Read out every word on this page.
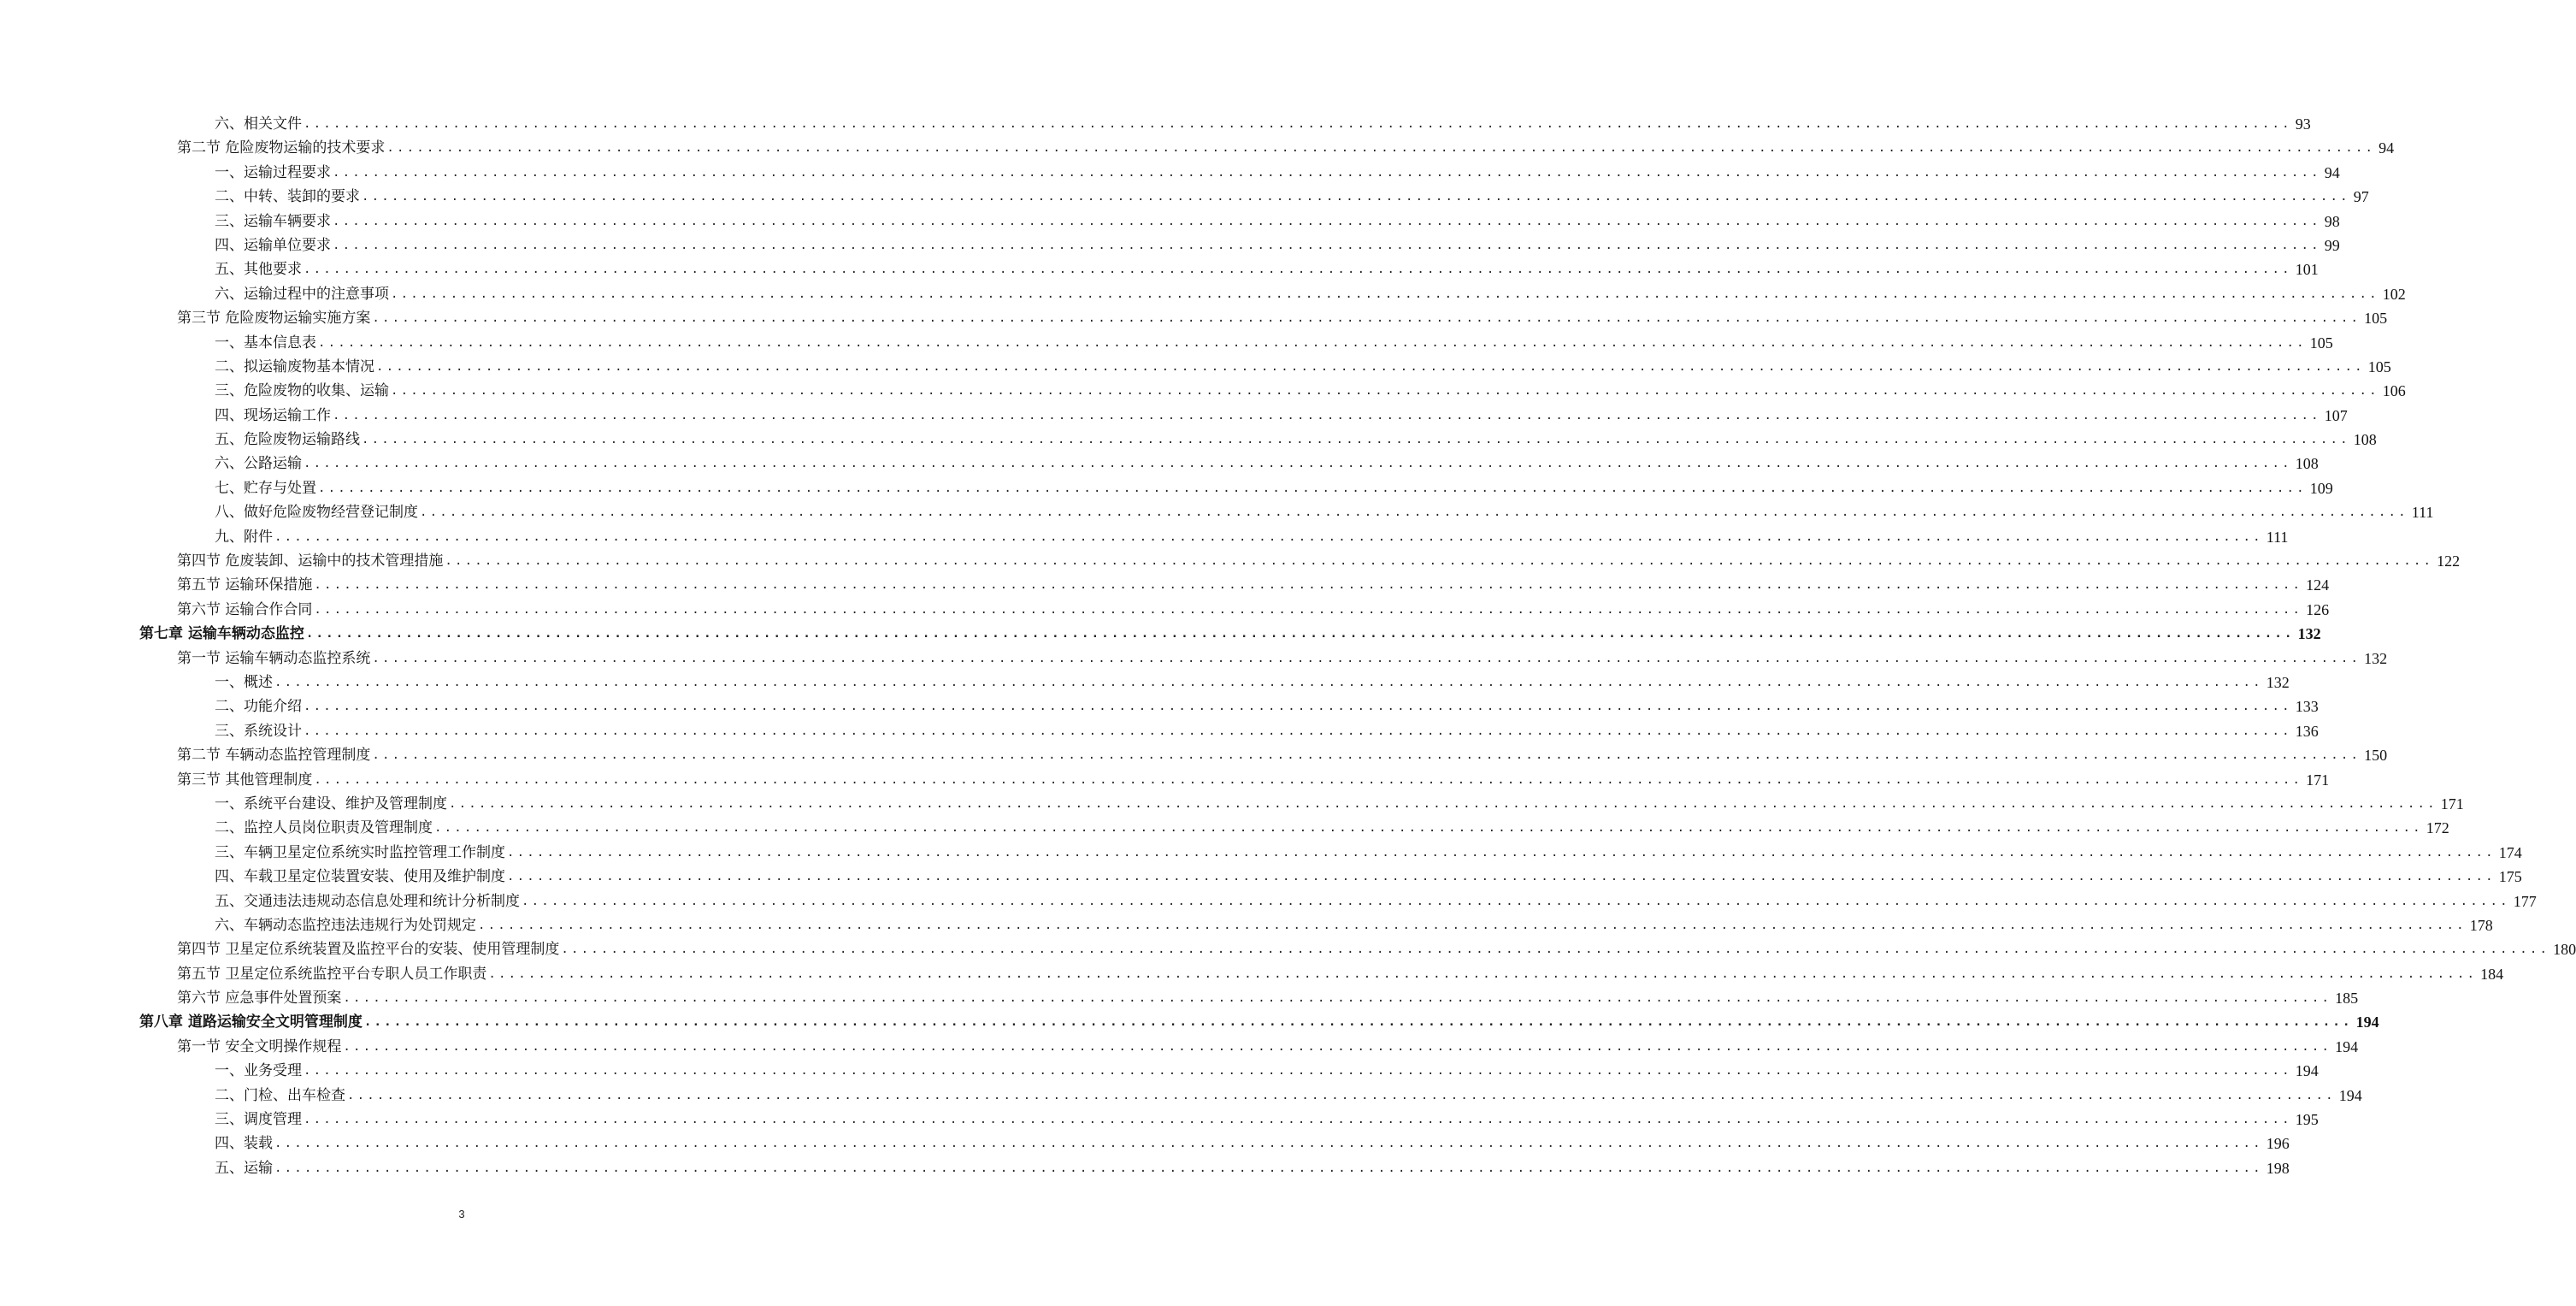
六、相关文件 ........................................................................................................................................................................................................ 93
第二节 危险废物运输的技术要求 ........................................................................................................................................................................................................ 94
一、运输过程要求 ........................................................................................................................................................................................................ 94
二、中转、装卸的要求 ........................................................................................................................................................................................................ 97
三、运输车辆要求 ........................................................................................................................................................................................................ 98
四、运输单位要求 ........................................................................................................................................................................................................ 99
五、其他要求 ........................................................................................................................................................................................................ 101
六、运输过程中的注意事项 ........................................................................................................................................................................................................ 102
第三节 危险废物运输实施方案 ........................................................................................................................................................................................................ 105
一、基本信息表 ........................................................................................................................................................................................................ 105
二、拟运输废物基本情况 ........................................................................................................................................................................................................ 105
三、危险废物的收集、运输 ........................................................................................................................................................................................................ 106
四、现场运输工作 ........................................................................................................................................................................................................ 107
五、危险废物运输路线 ........................................................................................................................................................................................................ 108
六、公路运输 ........................................................................................................................................................................................................ 108
七、贮存与处置 ........................................................................................................................................................................................................ 109
八、做好危险废物经营登记制度 ........................................................................................................................................................................................................ 111
九、附件 ........................................................................................................................................................................................................ 111
第四节 危废装卸、运输中的技术管理措施 ........................................................................................................................................................................................................ 122
第五节 运输环保措施 ........................................................................................................................................................................................................ 124
第六节 运输合作合同 ........................................................................................................................................................................................................ 126
第七章 运输车辆动态监控 ........................................................................................................................................................................................................ 132
第一节 运输车辆动态监控系统 ........................................................................................................................................................................................................ 132
一、概述 ........................................................................................................................................................................................................ 132
二、功能介绍 ........................................................................................................................................................................................................ 133
三、系统设计 ........................................................................................................................................................................................................ 136
第二节 车辆动态监控管理制度 ........................................................................................................................................................................................................ 150
第三节 其他管理制度 ........................................................................................................................................................................................................ 171
一、系统平台建设、维护及管理制度 ........................................................................................................................................................................................................ 171
二、监控人员岗位职责及管理制度 ........................................................................................................................................................................................................ 172
三、车辆卫星定位系统实时监控管理工作制度 ........................................................................................................................................................................................................ 174
四、车载卫星定位装置安装、使用及维护制度 ........................................................................................................................................................................................................ 175
五、交通违法违规动态信息处理和统计分析制度 ........................................................................................................................................................................................................ 177
六、车辆动态监控违法违规行为处罚规定 ........................................................................................................................................................................................................ 178
第四节 卫星定位系统装置及监控平台的安装、使用管理制度 ........................................................................................................................................................................................................ 180
第五节 卫星定位系统监控平台专职人员工作职责 ........................................................................................................................................................................................................ 184
第六节 应急事件处置预案 ........................................................................................................................................................................................................ 185
第八章 道路运输安全文明管理制度 ........................................................................................................................................................................................................ 194
第一节 安全文明操作规程 ........................................................................................................................................................................................................ 194
一、业务受理 ........................................................................................................................................................................................................ 194
二、门检、出车检查 ........................................................................................................................................................................................................ 194
三、调度管理 ........................................................................................................................................................................................................ 195
四、装载 ........................................................................................................................................................................................................ 196
五、运输 ........................................................................................................................................................................................................ 198
3
